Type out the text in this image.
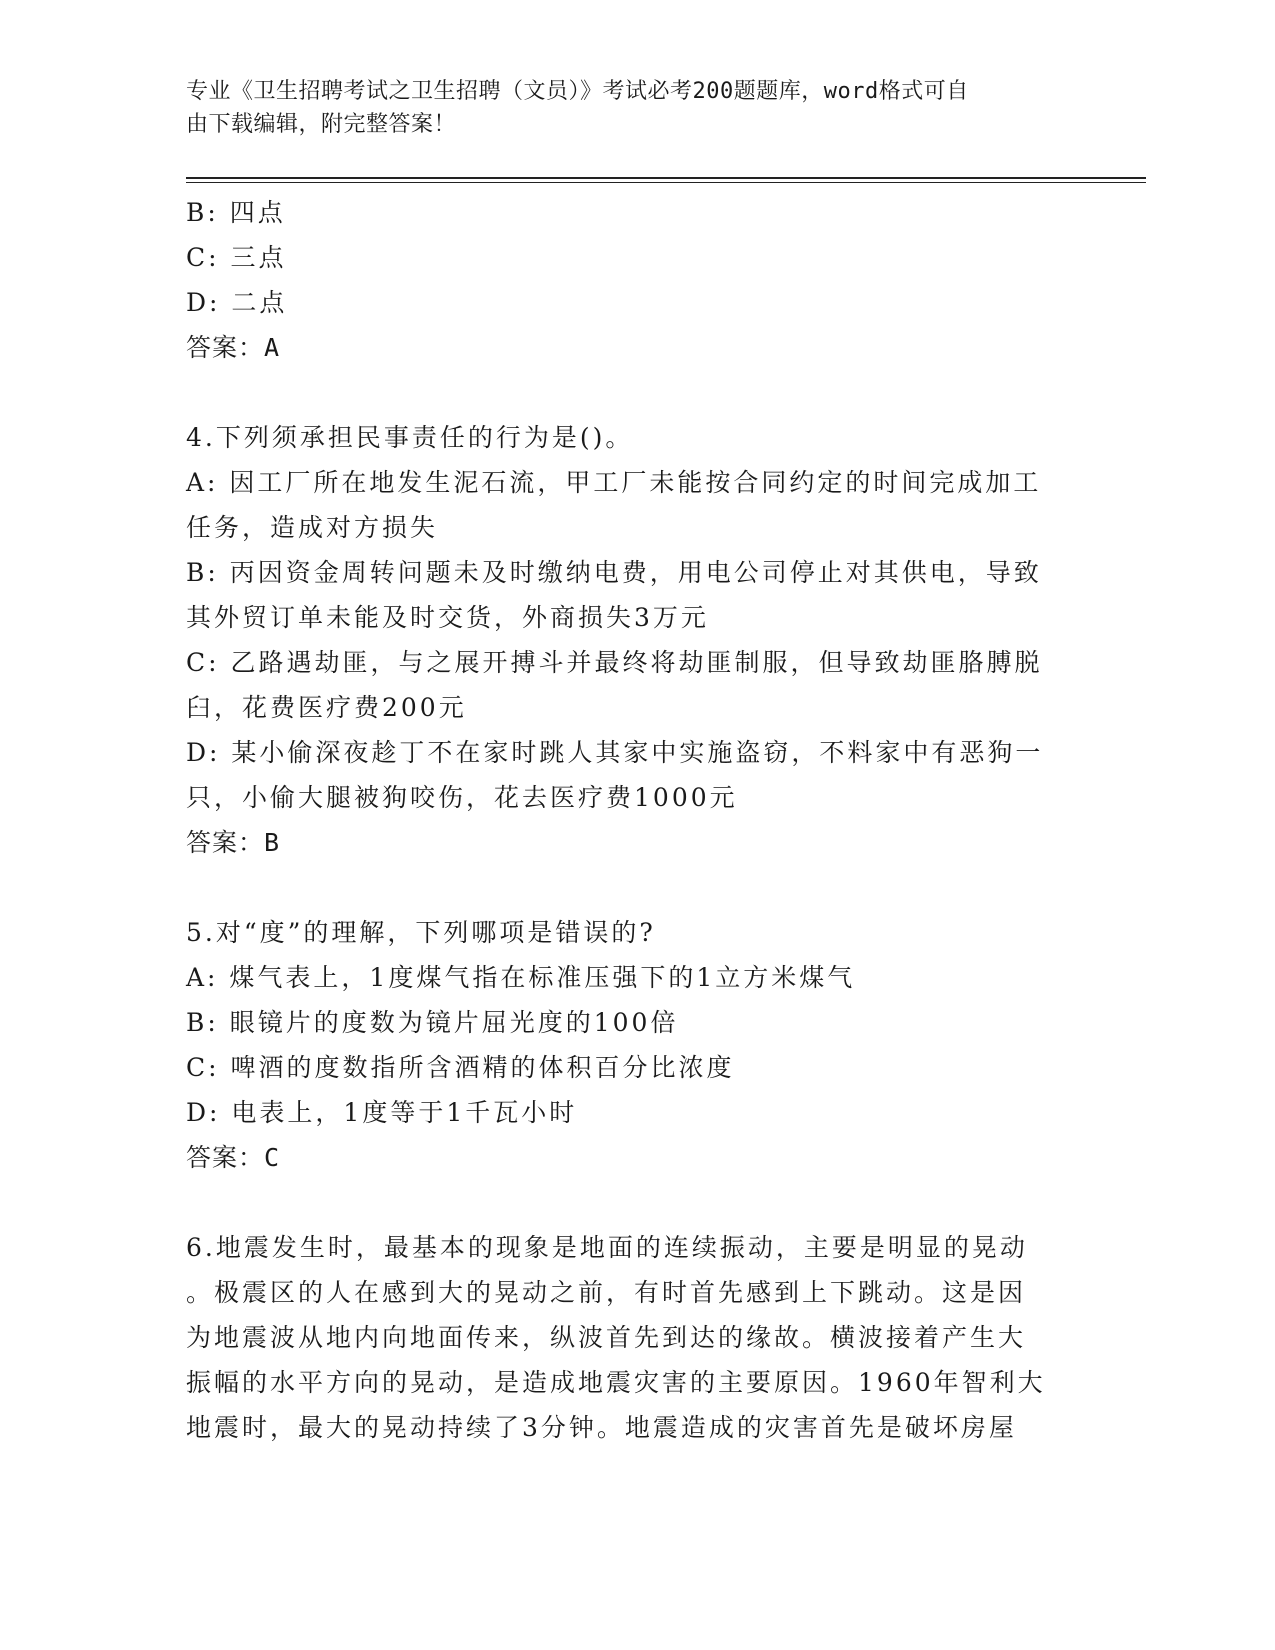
专业《卫生招聘考试之卫生招聘（文员）》考试必考200题题库，word格式可自
由下载编辑，附完整答案！
B: 四点
C: 三点
D: 二点
答案：A
4.下列须承担民事责任的行为是()。
A: 因工厂所在地发生泥石流，甲工厂未能按合同约定的时间完成加工
任务，造成对方损失
B: 丙因资金周转问题未及时缴纳电费，用电公司停止对其供电，导致
其外贸订单未能及时交货，外商损失3万元
C: 乙路遇劫匪，与之展开搏斗并最终将劫匪制服，但导致劫匪胳膊脱
臼，花费医疗费200元
D: 某小偷深夜趁丁不在家时跳人其家中实施盗窃，不料家中有恶狗一
只，小偷大腿被狗咬伤，花去医疗费1000元
答案：B
5.对“度”的理解，下列哪项是错误的?
A: 煤气表上，1度煤气指在标准压强下的1立方米煤气
B: 眼镜片的度数为镜片屈光度的100倍
C: 啤酒的度数指所含酒精的体积百分比浓度
D: 电表上，1度等于1千瓦小时
答案：C
6.地震发生时，最基本的现象是地面的连续振动，主要是明显的晃动
。极震区的人在感到大的晃动之前，有时首先感到上下跳动。这是因
为地震波从地内向地面传来，纵波首先到达的缘故。横波接着产生大
振幅的水平方向的晃动，是造成地震灾害的主要原因。1960年智利大
地震时，最大的晃动持续了3分钟。地震造成的灾害首先是破坏房屋
